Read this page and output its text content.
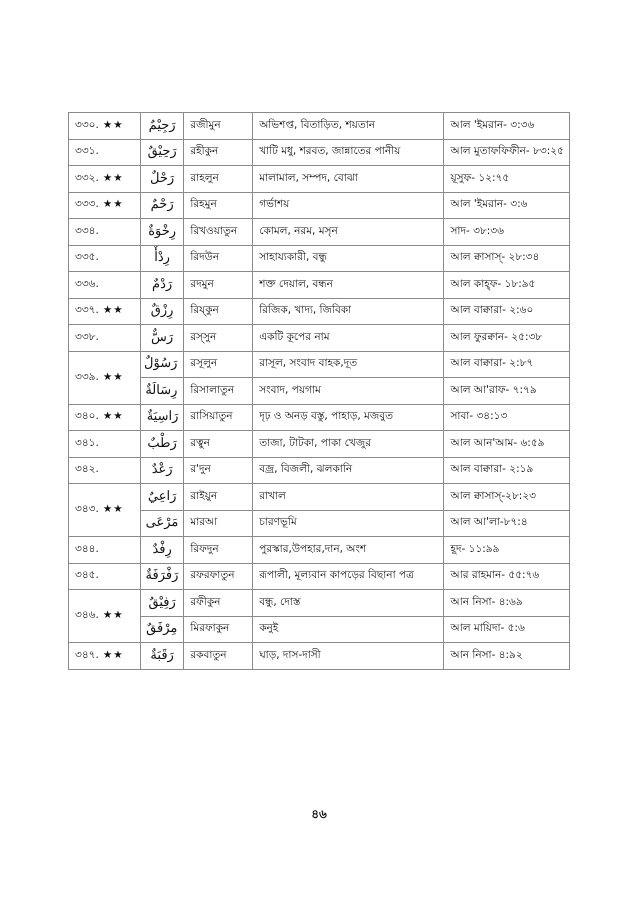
৩৩০. ★★	رَجِيْمٌ	রজীমুন	অভিশপ্ত, বিতাড়িত, শয়তান	আল 'ইমরান- ৩:৩৬
৩৩১.	رَحِيْقٌ	রহীকুন	খাটি মধু, শরবত, জান্নাতের পানীয়	আল মুতাফফিফীন- ৮৩:২৫
৩৩২. ★★	رَحْلٌ	রাহলুন	মালামাল, সম্পদ, বোঝা	য়ূসুফ- ১২:৭৫
৩৩৩. ★★	رَحْمٌ	রিহমুন	গর্ভাশয়	আল 'ইমরান- ৩:৬
৩৩৪.	رِخْوَةٌ	রিখওয়াতুন	কোমল, নরম, মসৃন	সাদ- ৩৮:৩৬
৩৩৫.	رِدْأٌ	রিদউন	সাহায্যকারী, বন্ধু	আল ক্বাসাস্- ২৮:৩৪
৩৩৬.	رَدْمٌ	রদমুন	শক্ত দেয়াল, বন্ধন	আল কাহ্ফ- ১৮:৯৫
৩৩৭. ★★	رِزْقٌ	রিয্কুন	রিজিক, খাদ্য, জিবিকা	আল বাক্বারা- ২:৬০
৩৩৮.	رَسٌّ	রস্সুন	একটি কূপের নাম	আল ফুরক্বান- ২৫:৩৮
৩৩৯. ★★	رَسُوْلٌ	রসূলুন	রাসূল, সংবাদ বাহক,দূত	আল বাক্বারা- ২:৮৭
	رِسَالَةٌ	রিসালাতুন	সংবাদ, পয়গাম	আল আ'রাফ- ৭:৭৯
৩৪০. ★★	رَاسِيَةٌ	রাসিয়াতুন	দৃঢ় ও অনড় বস্তু, পাহাড়, মজবুত	সাবা- ৩৪:১৩
৩৪১.	رَطْبٌ	রত্বুন	তাজা, টাটকা, পাকা খেজুর	আল আন'আম- ৬:৫৯
৩৪২.	رَعْدٌ	র'দুন	বজ্র, বিজলী, ঝলকানি	আল বাক্বারা- ২:১৯
৩৪৩. ★★	رَاعِيٌ	রাইয়ুন	রাখাল	আল ক্বাসাস্-২৮:২৩
	مَرْعَى	মারআ	চারণভূমি	আল আ'লা-৮৭:৪
৩৪৪.	رِفْدٌ	রিফদুন	পুরস্কার,উপহার,দান, অংশ	হূদ- ১১:৯৯
৩৪৫.	رَفْرَفَةٌ	রফরফাতুন	রূপালী, মূল্যবান কাপড়ের বিছানা পত্র	আর রাহমান- ৫৫:৭৬
৩৪৬. ★★	رَفِيْقٌ	রফীকুন	বন্ধু, দোস্ত	আন নিসা- ৪:৬৯
	مِرْفَقٌ	মিরফাকুন	কনুই	আল মায়িদা- ৫:৬
৩৪৭. ★★	رَقَبَةٌ	রকবাতুন	ঘাড়, দাস-দাসী	আন নিসা- ৪:৯২
৪৬
